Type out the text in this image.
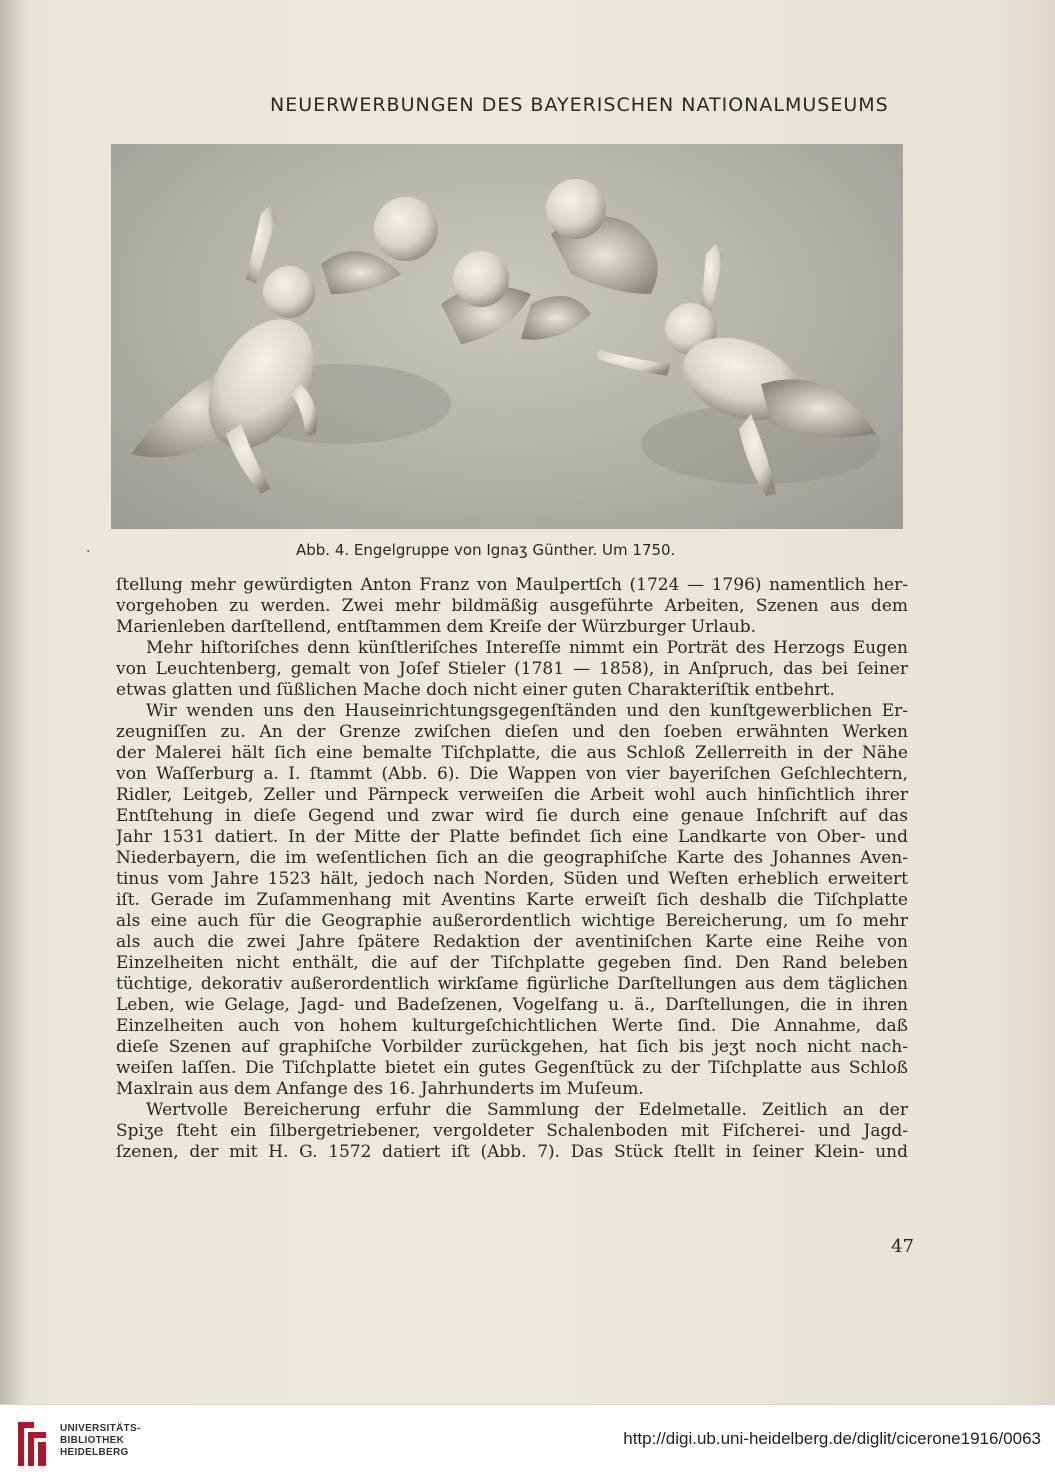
NEUERWERBUNGEN DES BAYERISCHEN NATIONALMUSEUMS
·	Abb. 4. Engelgruppe von Ignaʒ Günther. Um 1750.
ſtellung mehr gewürdigten Anton Franz von Maulpertſch (1724 — 1796) namentlich her-
vorgehoben zu werden. Zwei mehr bildmäßig ausgeführte Arbeiten, Szenen aus dem
Marienleben darſtellend, entſtammen dem Kreiſe der Würzburger Urlaub.
Mehr hiſtoriſches denn künſtleriſches Intereſſe nimmt ein Porträt des Herzogs Eugen
von Leuchtenberg, gemalt von Joſef Stieler (1781 — 1858), in Anſpruch, das bei ſeiner
etwas glatten und ſüßlichen Mache doch nicht einer guten Charakteriſtik entbehrt.
Wir wenden uns den Hauseinrichtungsgegenſtänden und den kunſtgewerblichen Er-
zeugniſſen zu. An der Grenze zwiſchen dieſen und den ſoeben erwähnten Werken
der Malerei hält ſich eine bemalte Tiſchplatte, die aus Schloß Zellerreith in der Nähe
von Waſſerburg a. I. ſtammt (Abb. 6). Die Wappen von vier bayeriſchen Geſchlechtern,
Ridler, Leitgeb, Zeller und Pärnpeck verweiſen die Arbeit wohl auch hinſichtlich ihrer
Entſtehung in dieſe Gegend und zwar wird ſie durch eine genaue Inſchrift auf das
Jahr 1531 datiert. In der Mitte der Platte befindet ſich eine Landkarte von Ober- und
Niederbayern, die im weſentlichen ſich an die geographiſche Karte des Johannes Aven-
tinus vom Jahre 1523 hält, jedoch nach Norden, Süden und Weſten erheblich erweitert
iſt. Gerade im Zuſammenhang mit Aventins Karte erweiſt ſich deshalb die Tiſchplatte
als eine auch für die Geographie außerordentlich wichtige Bereicherung, um ſo mehr
als auch die zwei Jahre ſpätere Redaktion der aventiniſchen Karte eine Reihe von
Einzelheiten nicht enthält, die auf der Tiſchplatte gegeben ſind. Den Rand beleben
tüchtige, dekorativ außerordentlich wirkſame figürliche Darſtellungen aus dem täglichen
Leben, wie Gelage, Jagd- und Badeſzenen, Vogelfang u. ä., Darſtellungen, die in ihren
Einzelheiten auch von hohem kulturgeſchichtlichen Werte ſind. Die Annahme, daß
dieſe Szenen auf graphiſche Vorbilder zurückgehen, hat ſich bis jeʒt noch nicht nach-
weiſen laſſen. Die Tiſchplatte bietet ein gutes Gegenſtück zu der Tiſchplatte aus Schloß
Maxlrain aus dem Anfange des 16. Jahrhunderts im Muſeum.
Wertvolle Bereicherung erfuhr die Sammlung der Edelmetalle. Zeitlich an der
Spiʒe ſteht ein ſilbergetriebener, vergoldeter Schalenboden mit Fiſcherei- und Jagd-
ſzenen, der mit H. G. 1572 datiert iſt (Abb. 7). Das Stück ſtellt in ſeiner Klein- und
47
UNIVERSITÄTS-
BIBLIOTHEK
HEIDELBERG
http://digi.ub.uni-heidelberg.de/diglit/cicerone1916/0063
